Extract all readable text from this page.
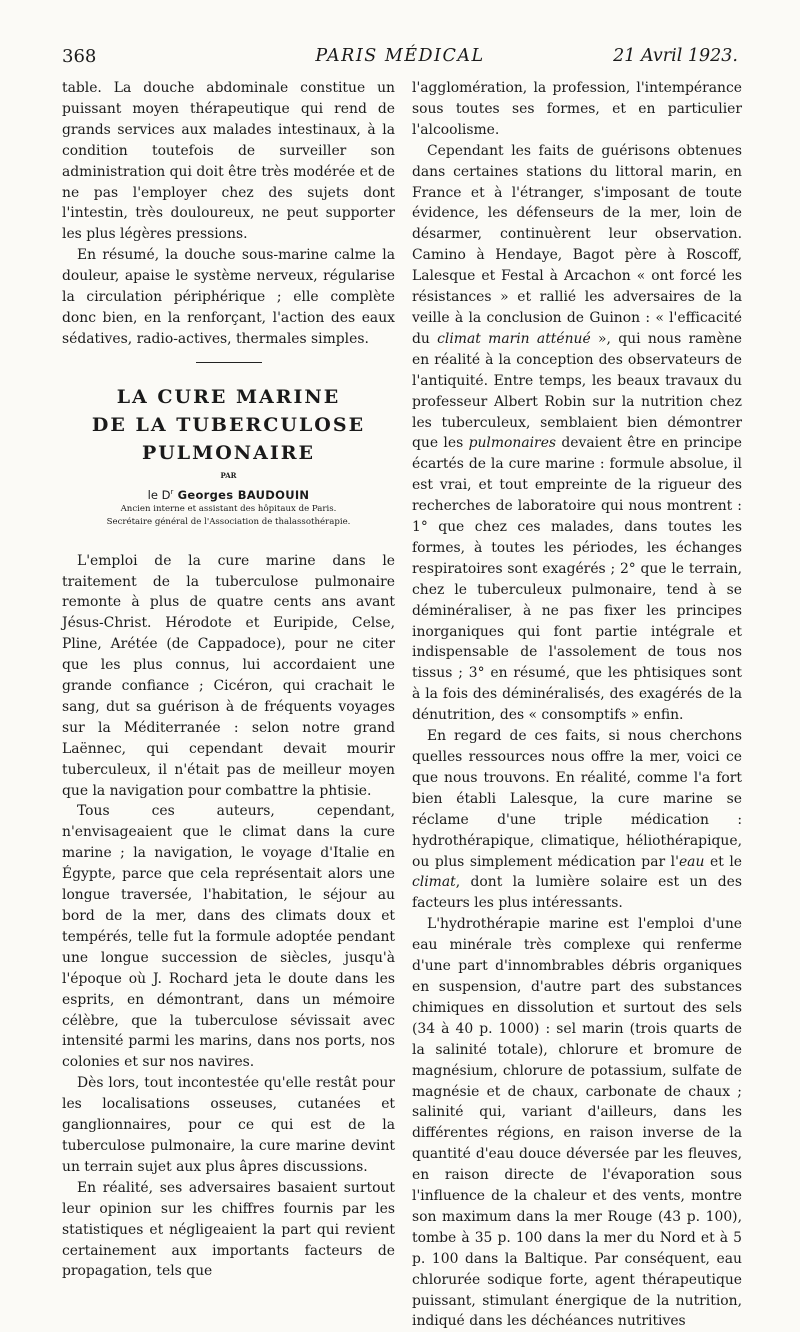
368	PARIS MÉDICAL	21 Avril 1923.

table. La douche abdominale constitue un puissant moyen thérapeutique qui rend de grands services aux malades intestinaux, à la condition toutefois de surveiller son administration qui doit être très modérée et de ne pas l'employer chez des sujets dont l'intestin, très douloureux, ne peut supporter les plus légères pressions.

En résumé, la douche sous-marine calme la douleur, apaise le système nerveux, régularise la circulation périphérique ; elle complète donc bien, en la renforçant, l'action des eaux sédatives, radio-actives, thermales simples.

LA CURE MARINE
DE LA TUBERCULOSE
PULMONAIRE
PAR
le $D^r$ Georges BAUDOUIN
Ancien interne et assistant des hôpitaux de Paris.
Secrétaire général de l'Association de thalassothérapie.

L'emploi de la cure marine dans le traitement de la tuberculose pulmonaire remonte à plus de quatre cents ans avant Jésus-Christ. Hérodote et Euripide, Celse, Pline, Arétée (de Cappadoce), pour ne citer que les plus connus, lui accordaient une grande confiance ; Cicéron, qui crachait le sang, dut sa guérison à de fréquents voyages sur la Méditerranée : selon notre grand Laënnec, qui cependant devait mourir tuberculeux, il n'était pas de meilleur moyen que la navigation pour combattre la phtisie.

Tous ces auteurs, cependant, n'envisageaient que le climat dans la cure marine ; la navigation, le voyage d'Italie en Égypte, parce que cela représentait alors une longue traversée, l'habitation, le séjour au bord de la mer, dans des climats doux et tempérés, telle fut la formule adoptée pendant une longue succession de siècles, jusqu'à l'époque où J. Rochard jeta le doute dans les esprits, en démontrant, dans un mémoire célèbre, que la tuberculose sévissait avec intensité parmi les marins, dans nos ports, nos colonies et sur nos navires.

Dès lors, tout incontestée qu'elle restât pour les localisations osseuses, cutanées et ganglionnaires, pour ce qui est de la tuberculose pulmonaire, la cure marine devint un terrain sujet aux plus âpres discussions.

En réalité, ses adversaires basaient surtout leur opinion sur les chiffres fournis par les statistiques et négligeaient la part qui revient certainement aux importants facteurs de propagation, tels que

l'agglomération, la profession, l'intempérance sous toutes ses formes, et en particulier l'alcoolisme.

Cependant les faits de guérisons obtenues dans certaines stations du littoral marin, en France et à l'étranger, s'imposant de toute évidence, les défenseurs de la mer, loin de désarmer, continuèrent leur observation. Camino à Hendaye, Bagot père à Roscoff, Lalesque et Festal à Arcachon « ont forcé les résistances » et rallié les adversaires de la veille à la conclusion de Guinon : « l'efficacité du climat marin atténué », qui nous ramène en réalité à la conception des observateurs de l'antiquité. Entre temps, les beaux travaux du professeur Albert Robin sur la nutrition chez les tuberculeux, semblaient bien démontrer que les pulmonaires devaient être en principe écartés de la cure marine : formule absolue, il est vrai, et tout empreinte de la rigueur des recherches de laboratoire qui nous montrent : 1° que chez ces malades, dans toutes les formes, à toutes les périodes, les échanges respiratoires sont exagérés ; 2° que le terrain, chez le tuberculeux pulmonaire, tend à se déminéraliser, à ne pas fixer les principes inorganiques qui font partie intégrale et indispensable de l'assolement de tous nos tissus ; 3° en résumé, que les phtisiques sont à la fois des déminéralisés, des exagérés de la dénutrition, des « consomptifs » enfin.

En regard de ces faits, si nous cherchons quelles ressources nous offre la mer, voici ce que nous trouvons. En réalité, comme l'a fort bien établi Lalesque, la cure marine se réclame d'une triple médication : hydrothérapique, climatique, héliothérapique, ou plus simplement médication par l'eau et le climat, dont la lumière solaire est un des facteurs les plus intéressants.

L'hydrothérapie marine est l'emploi d'une eau minérale très complexe qui renferme d'une part d'innombrables débris organiques en suspension, d'autre part des substances chimiques en dissolution et surtout des sels (34 à 40 p. 1000) : sel marin (trois quarts de la salinité totale), chlorure et bromure de magnésium, chlorure de potassium, sulfate de magnésie et de chaux, carbonate de chaux ; salinité qui, variant d'ailleurs, dans les différentes régions, en raison inverse de la quantité d'eau douce déversée par les fleuves, en raison directe de l'évaporation sous l'influence de la chaleur et des vents, montre son maximum dans la mer Rouge (43 p. 100), tombe à 35 p. 100 dans la mer du Nord et à 5 p. 100 dans la Baltique. Par conséquent, eau chlorurée sodique forte, agent thérapeutique puissant, stimulant énergique de la nutrition, indiqué dans les déchéances nutritives
